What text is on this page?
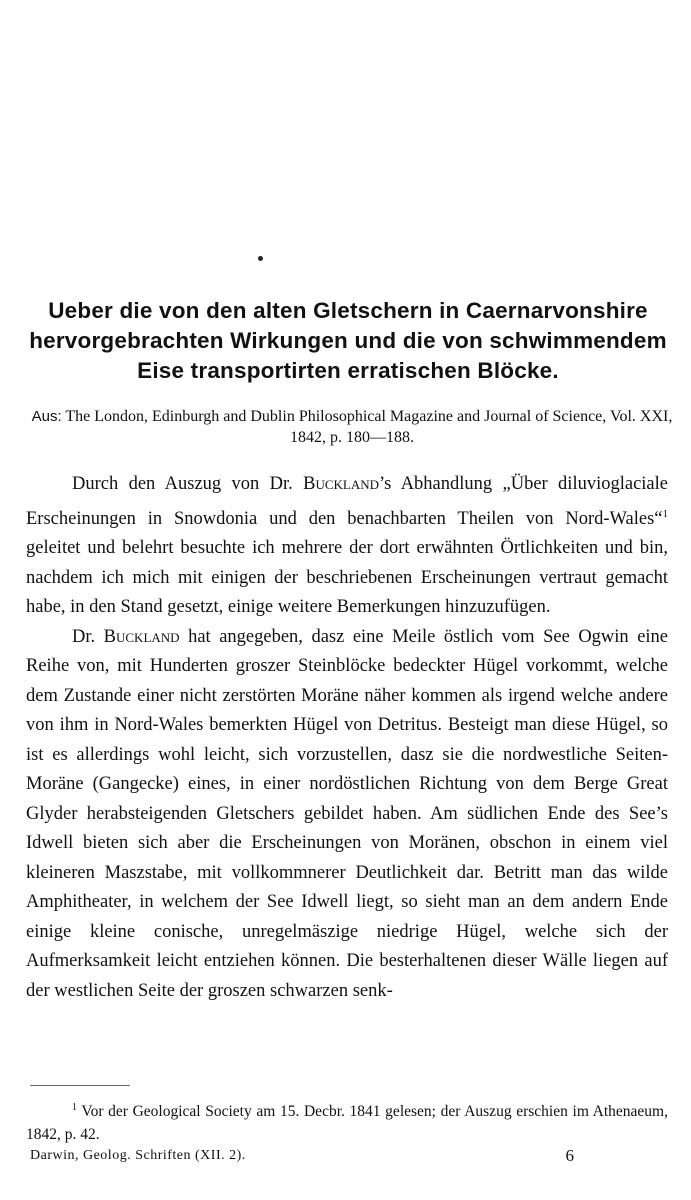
Ueber die von den alten Gletschern in Caernarvonshire
hervorgebrachten Wirkungen und die von schwimmendem
Eise transportirten erratischen Blöcke.
Aus: The London, Edinburgh and Dublin Philosophical Magazine and Journal of Science, Vol. XXI, 1842, p. 180—188.

Durch den Auszug von Dr. Buckland’s Abhandlung „Über diluvioglaciale Erscheinungen in Snowdonia und den benachbarten Theilen von Nord-Wales“$^1$ geleitet und belehrt besuchte ich mehrere der dort erwähnten Örtlichkeiten und bin, nachdem ich mich mit einigen der beschriebenen Erscheinungen vertraut gemacht habe, in den Stand gesetzt, einige weitere Bemerkungen hinzuzufügen.

Dr. Buckland hat angegeben, dasz eine Meile östlich vom See Ogwin eine Reihe von, mit Hunderten groszer Steinblöcke bedeckter Hügel vorkommt, welche dem Zustande einer nicht zerstörten Moräne näher kommen als irgend welche andere von ihm in Nord-Wales bemerkten Hügel von Detritus. Besteigt man diese Hügel, so ist es allerdings wohl leicht, sich vorzustellen, dasz sie die nordwestliche Seiten-Moräne (Gangecke) eines, in einer nordöstlichen Richtung von dem Berge Great Glyder herabsteigenden Gletschers gebildet haben. Am südlichen Ende des See’s Idwell bieten sich aber die Erscheinungen von Moränen, obschon in einem viel kleineren Maszstabe, mit vollkommnerer Deutlichkeit dar. Betritt man das wilde Amphitheater, in welchem der See Idwell liegt, so sieht man an dem andern Ende einige kleine conische, unregelmäszige niedrige Hügel, welche sich der Aufmerksamkeit leicht entziehen können. Die besterhaltenen dieser Wälle liegen auf der westlichen Seite der groszen schwarzen senk-

$^1$ Vor der Geological Society am 15. Decbr. 1841 gelesen; der Auszug erschien im Athenaeum, 1842, p. 42.

Darwin, Geolog. Schriften (XII. 2).	6
